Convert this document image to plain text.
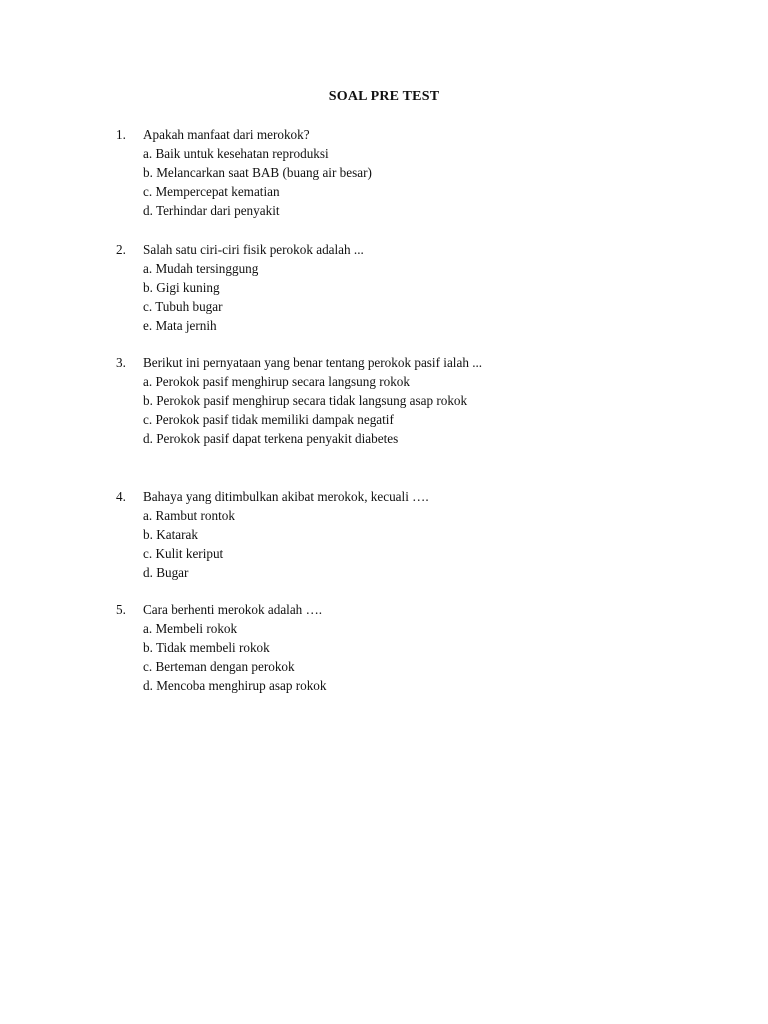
SOAL PRE TEST
1. Apakah manfaat dari merokok?
a. Baik untuk kesehatan reproduksi
b. Melancarkan saat BAB (buang air besar)
c. Mempercepat kematian
d. Terhindar dari penyakit
2. Salah satu ciri-ciri fisik perokok adalah ...
a. Mudah tersinggung
b. Gigi kuning
c. Tubuh bugar
e. Mata jernih
3. Berikut ini pernyataan yang benar tentang perokok pasif ialah ...
a. Perokok pasif menghirup secara langsung rokok
b. Perokok pasif menghirup secara tidak langsung asap rokok
c. Perokok pasif tidak memiliki dampak negatif
d. Perokok pasif dapat terkena penyakit diabetes
4. Bahaya yang ditimbulkan akibat merokok, kecuali ….
a. Rambut rontok
b. Katarak
c. Kulit keriput
d. Bugar
5. Cara berhenti merokok adalah ….
a. Membeli rokok
b. Tidak membeli rokok
c. Berteman dengan perokok
d. Mencoba menghirup asap rokok
